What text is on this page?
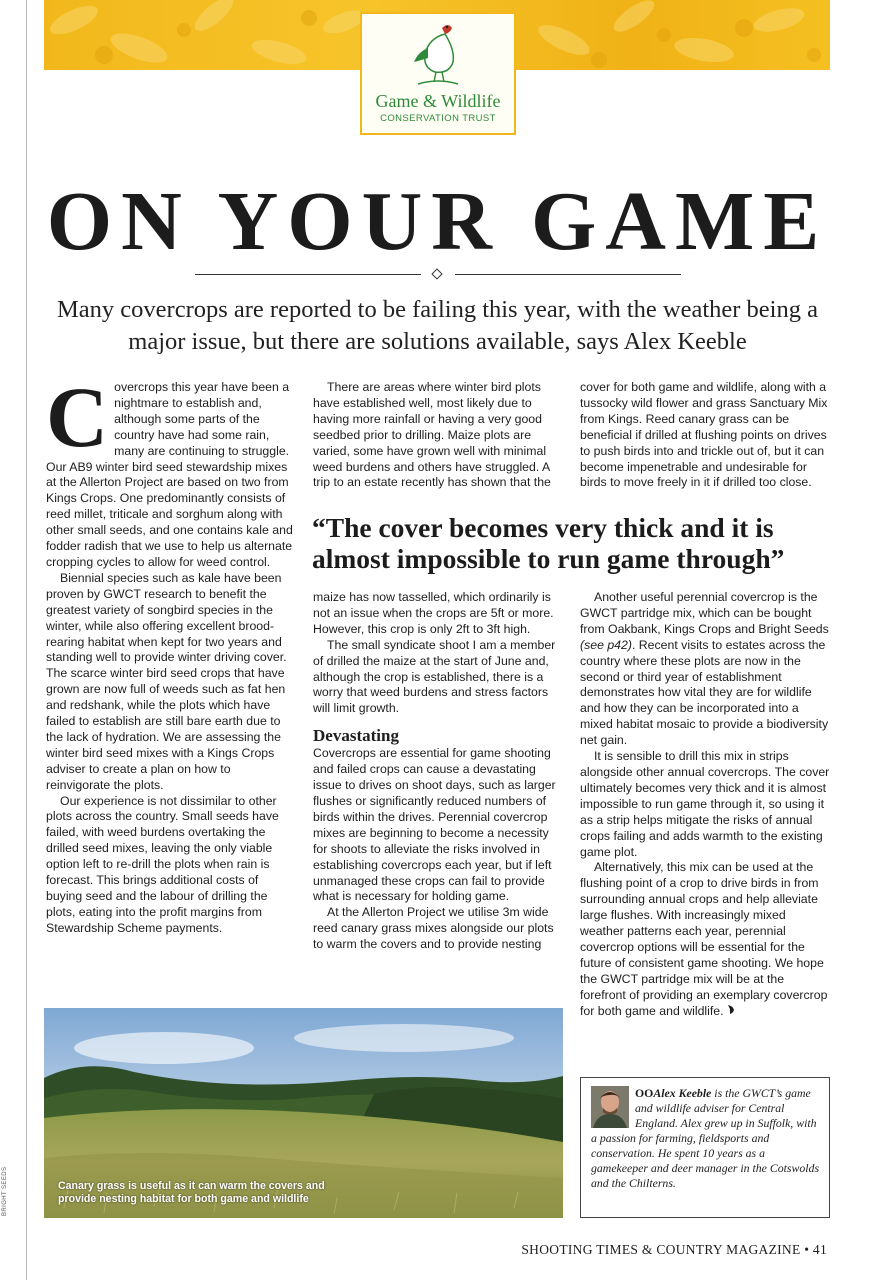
BRIGHT SEEDS
Game & Wildlife
CONSERVATION TRUST
ON YOUR GAME

Many covercrops are reported to be failing this year, with the weather being a major issue, but there are solutions available, says Alex Keeble

Covercrops this year have been a nightmare to establish and, although some parts of the country have had some rain, many are continuing to struggle. Our AB9 winter bird seed stewardship mixes at the Allerton Project are based on two from Kings Crops. One predominantly consists of reed millet, triticale and sorghum along with other small seeds, and one contains kale and fodder radish that we use to help us alternate cropping cycles to allow for weed control.

Biennial species such as kale have been proven by GWCT research to benefit the greatest variety of songbird species in the winter, while also offering excellent brood-rearing habitat when kept for two years and standing well to provide winter driving cover. The scarce winter bird seed crops that have grown are now full of weeds such as fat hen and redshank, while the plots which have failed to establish are still bare earth due to the lack of hydration. We are assessing the winter bird seed mixes with a Kings Crops adviser to create a plan on how to reinvigorate the plots.

Our experience is not dissimilar to other plots across the country. Small seeds have failed, with weed burdens overtaking the drilled seed mixes, leaving the only viable option left to re-drill the plots when rain is forecast. This brings additional costs of buying seed and the labour of drilling the plots, eating into the profit margins from Stewardship Scheme payments.

There are areas where winter bird plots have established well, most likely due to having more rainfall or having a very good seedbed prior to drilling. Maize plots are varied, some have grown well with minimal weed burdens and others have struggled. A trip to an estate recently has shown that the

cover for both game and wildlife, along with a tussocky wild flower and grass Sanctuary Mix from Kings. Reed canary grass can be beneficial if drilled at flushing points on drives to push birds into and trickle out of, but it can become impenetrable and undesirable for birds to move freely in it if drilled too close.

“The cover becomes very thick and it is almost impossible to run game through”

maize has now tasselled, which ordinarily is not an issue when the crops are 5ft or more. However, this crop is only 2ft to 3ft high.

The small syndicate shoot I am a member of drilled the maize at the start of June and, although the crop is established, there is a worry that weed burdens and stress factors will limit growth.

Devastating

Covercrops are essential for game shooting and failed crops can cause a devastating issue to drives on shoot days, such as larger flushes or significantly reduced numbers of birds within the drives. Perennial covercrop mixes are beginning to become a necessity for shoots to alleviate the risks involved in establishing covercrops each year, but if left unmanaged these crops can fail to provide what is necessary for holding game.

At the Allerton Project we utilise 3m wide reed canary grass mixes alongside our plots to warm the covers and to provide nesting

Another useful perennial covercrop is the GWCT partridge mix, which can be bought from Oakbank, Kings Crops and Bright Seeds (see p42). Recent visits to estates across the country where these plots are now in the second or third year of establishment demonstrates how vital they are for wildlife and how they can be incorporated into a mixed habitat mosaic to provide a biodiversity net gain.

It is sensible to drill this mix in strips alongside other annual covercrops. The cover ultimately becomes very thick and it is almost impossible to run game through it, so using it as a strip helps mitigate the risks of annual crops failing and adds warmth to the existing game plot.

Alternatively, this mix can be used at the flushing point of a crop to drive birds in from surrounding annual crops and help alleviate large flushes. With increasingly mixed weather patterns each year, perennial covercrop options will be essential for the future of consistent game shooting. We hope the GWCT partridge mix will be at the forefront of providing an exemplary covercrop for both game and wildlife.

Canary grass is useful as it can warm the covers and provide nesting habitat for both game and wildlife
OOAlex Keeble is the GWCT’s game and wildlife adviser for Central England. Alex grew up in Suffolk, with a passion for farming, fieldsports and conservation. He spent 10 years as a gamekeeper and deer manager in the Cotswolds and the Chilterns.
SHOOTING TIMES & COUNTRY MAGAZINE • 41
